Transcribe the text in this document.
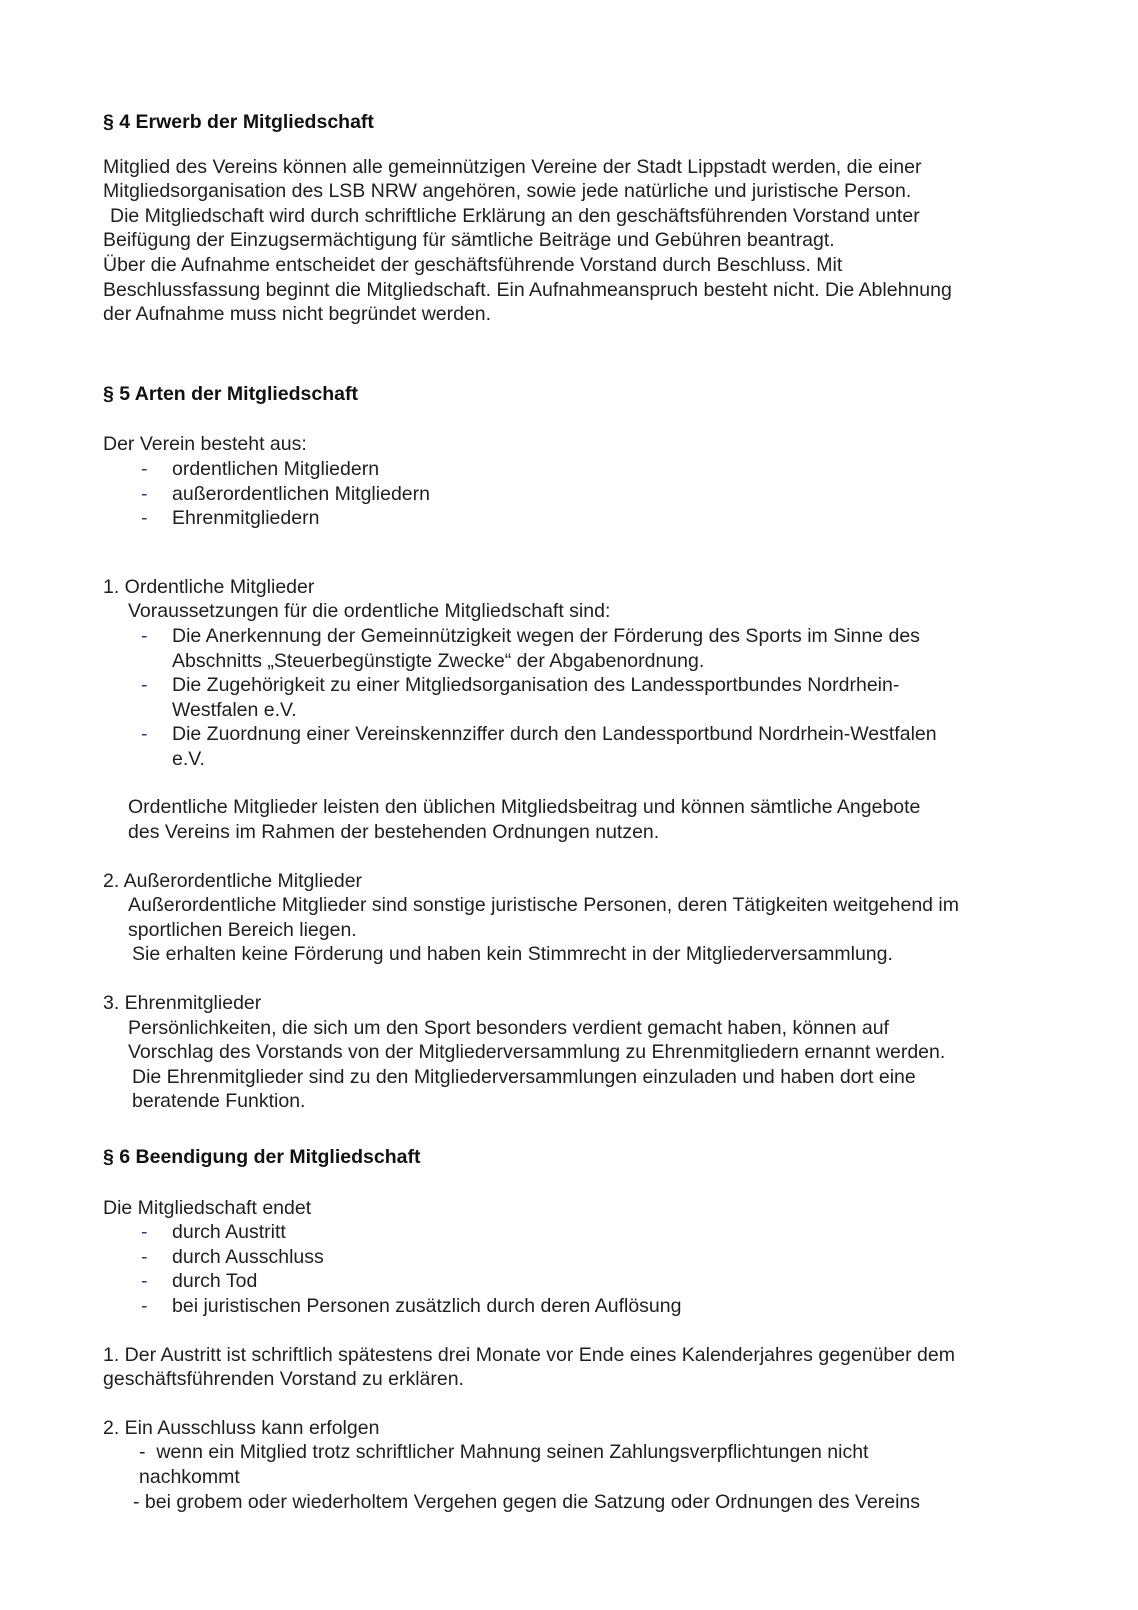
§ 4 Erwerb der Mitgliedschaft
Mitglied des Vereins können alle gemeinnützigen Vereine der Stadt Lippstadt werden, die einer
Mitgliedsorganisation des LSB NRW angehören, sowie jede natürliche und juristische Person.
Die Mitgliedschaft wird durch schriftliche Erklärung an den geschäftsführenden Vorstand unter
Beifügung der Einzugsermächtigung für sämtliche Beiträge und Gebühren beantragt.
Über die Aufnahme entscheidet der geschäftsführende Vorstand durch Beschluss. Mit
Beschlussfassung beginnt die Mitgliedschaft. Ein Aufnahmeanspruch besteht nicht. Die Ablehnung
der Aufnahme muss nicht begründet werden.
§ 5 Arten der Mitgliedschaft
Der Verein besteht aus:
-	ordentlichen Mitgliedern
-	außerordentlichen Mitgliedern
-	Ehrenmitgliedern
1. Ordentliche Mitglieder
Voraussetzungen für die ordentliche Mitgliedschaft sind:
-	Die Anerkennung der Gemeinnützigkeit wegen der Förderung des Sports im Sinne des
Abschnitts „Steuerbegünstigte Zwecke“ der Abgabenordnung.
-	Die Zugehörigkeit zu einer Mitgliedsorganisation des Landessportbundes Nordrhein-
Westfalen e.V.
-	Die Zuordnung einer Vereinskennziffer durch den Landessportbund Nordrhein-Westfalen
e.V.
Ordentliche Mitglieder leisten den üblichen Mitgliedsbeitrag und können sämtliche Angebote
des Vereins im Rahmen der bestehenden Ordnungen nutzen.
2. Außerordentliche Mitglieder
Außerordentliche Mitglieder sind sonstige juristische Personen, deren Tätigkeiten weitgehend im
sportlichen Bereich liegen.
Sie erhalten keine Förderung und haben kein Stimmrecht in der Mitgliederversammlung.
3. Ehrenmitglieder
Persönlichkeiten, die sich um den Sport besonders verdient gemacht haben, können auf
Vorschlag des Vorstands von der Mitgliederversammlung zu Ehrenmitgliedern ernannt werden.
Die Ehrenmitglieder sind zu den Mitgliederversammlungen einzuladen und haben dort eine
beratende Funktion.
§ 6 Beendigung der Mitgliedschaft
Die Mitgliedschaft endet
-	durch Austritt
-	durch Ausschluss
-	durch Tod
-	bei juristischen Personen zusätzlich durch deren Auflösung
1. Der Austritt ist schriftlich spätestens drei Monate vor Ende eines Kalenderjahres gegenüber dem
geschäftsführenden Vorstand zu erklären.
2. Ein Ausschluss kann erfolgen
-  wenn ein Mitglied trotz schriftlicher Mahnung seinen Zahlungsverpflichtungen nicht
nachkommt
- bei grobem oder wiederholtem Vergehen gegen die Satzung oder Ordnungen des Vereins
